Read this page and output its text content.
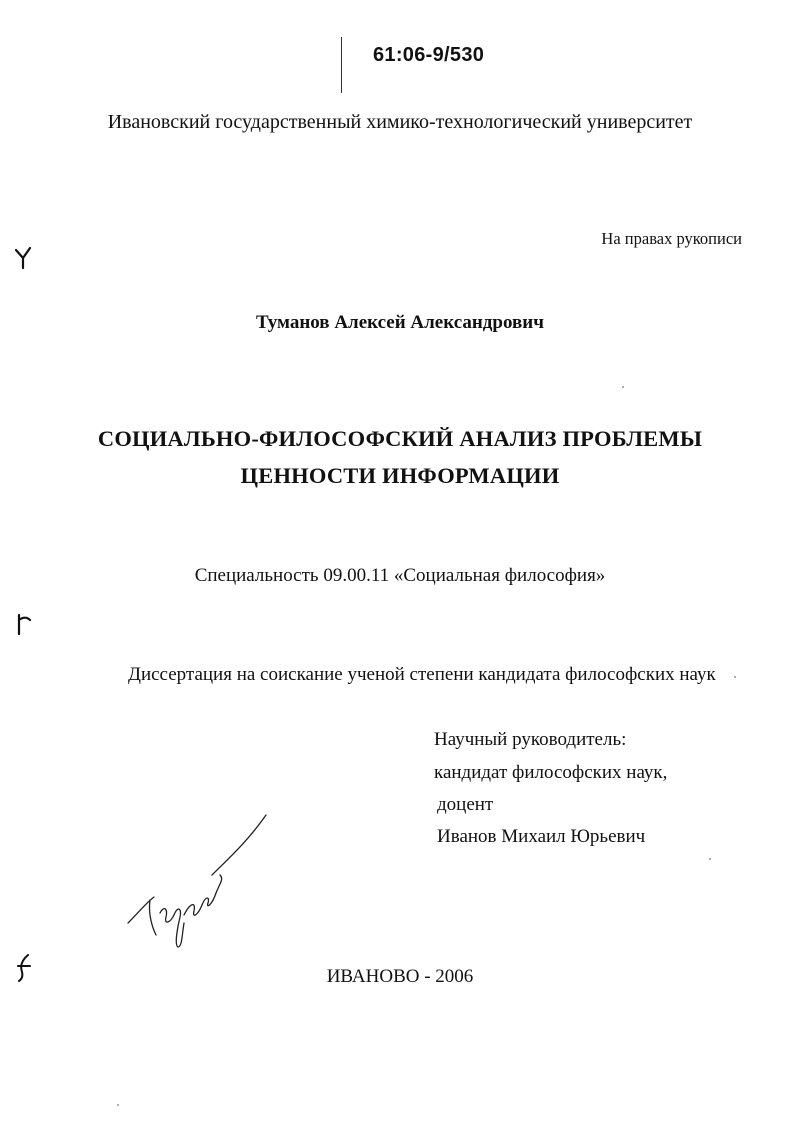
61:06-9/530
Ивановский государственный химико-технологический университет
На правах рукописи
Туманов Алексей Александрович
СОЦИАЛЬНО-ФИЛОСОФСКИЙ АНАЛИЗ ПРОБЛЕМЫ
ЦЕННОСТИ ИНФОРМАЦИИ
Специальность 09.00.11 «Социальная философия»
Диссертация на соискание ученой степени кандидата философских наук
Научный руководитель:
кандидат философских наук,
доцент
Иванов Михаил Юрьевич
ИВАНОВО - 2006
